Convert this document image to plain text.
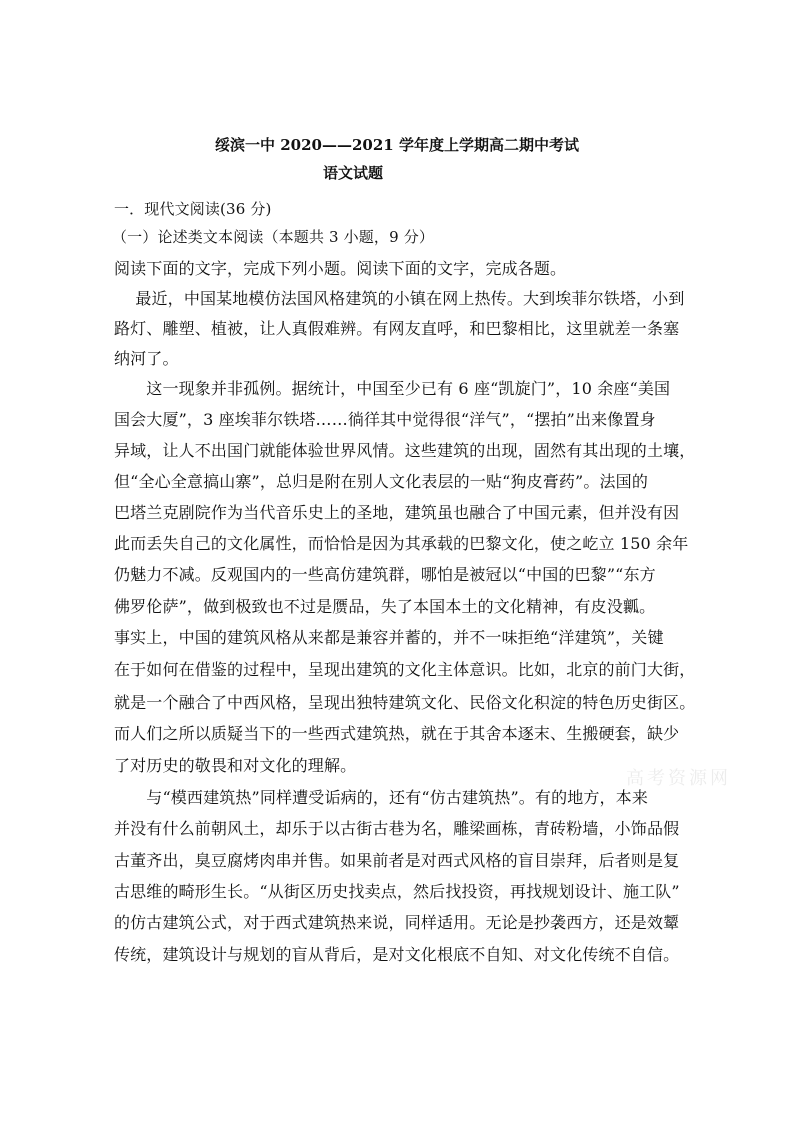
绥滨一中 2020——2021 学年度上学期高二期中考试
语文试题
一．现代文阅读(36 分)
（一）论述类文本阅读（本题共 3 小题，9 分）
阅读下面的文字，完成下列小题。阅读下面的文字，完成各题。
　 最近，中国某地模仿法国风格建筑的小镇在网上热传。大到埃菲尔铁塔，小到
路灯、雕塑、植被，让人真假难辨。有网友直呼，和巴黎相比，这里就差一条塞
纳河了。
　　这一现象并非孤例。据统计，中国至少已有 6 座“凯旋门”，10 余座“美国
国会大厦”，3 座埃菲尔铁塔……徜徉其中觉得很“洋气”，“摆拍”出来像置身
异域，让人不出国门就能体验世界风情。这些建筑的出现，固然有其出现的土壤，
但“全心全意搞山寨”，总归是附在别人文化表层的一贴“狗皮膏药”。法国的
巴塔兰克剧院作为当代音乐史上的圣地，建筑虽也融合了中国元素，但并没有因
此而丢失自己的文化属性，而恰恰是因为其承载的巴黎文化，使之屹立 150 余年
仍魅力不减。反观国内的一些高仿建筑群，哪怕是被冠以“中国的巴黎”“东方
佛罗伦萨”，做到极致也不过是赝品，失了本国本土的文化精神，有皮没瓤。
事实上，中国的建筑风格从来都是兼容并蓄的，并不一味拒绝“洋建筑”，关键
在于如何在借鉴的过程中，呈现出建筑的文化主体意识。比如，北京的前门大街，
就是一个融合了中西风格，呈现出独特建筑文化、民俗文化积淀的特色历史街区。
而人们之所以质疑当下的一些西式建筑热，就在于其舍本逐末、生搬硬套，缺少
了对历史的敬畏和对文化的理解。
　　与“模西建筑热”同样遭受诟病的，还有“仿古建筑热”。有的地方，本来
并没有什么前朝风土，却乐于以古街古巷为名，雕梁画栋，青砖粉墙，小饰品假
古董齐出，臭豆腐烤肉串并售。如果前者是对西式风格的盲目崇拜，后者则是复
古思维的畸形生长。“从街区历史找卖点，然后找投资，再找规划设计、施工队”
的仿古建筑公式，对于西式建筑热来说，同样适用。无论是抄袭西方，还是效颦
传统，建筑设计与规划的盲从背后，是对文化根底不自知、对文化传统不自信。
高考资源网
